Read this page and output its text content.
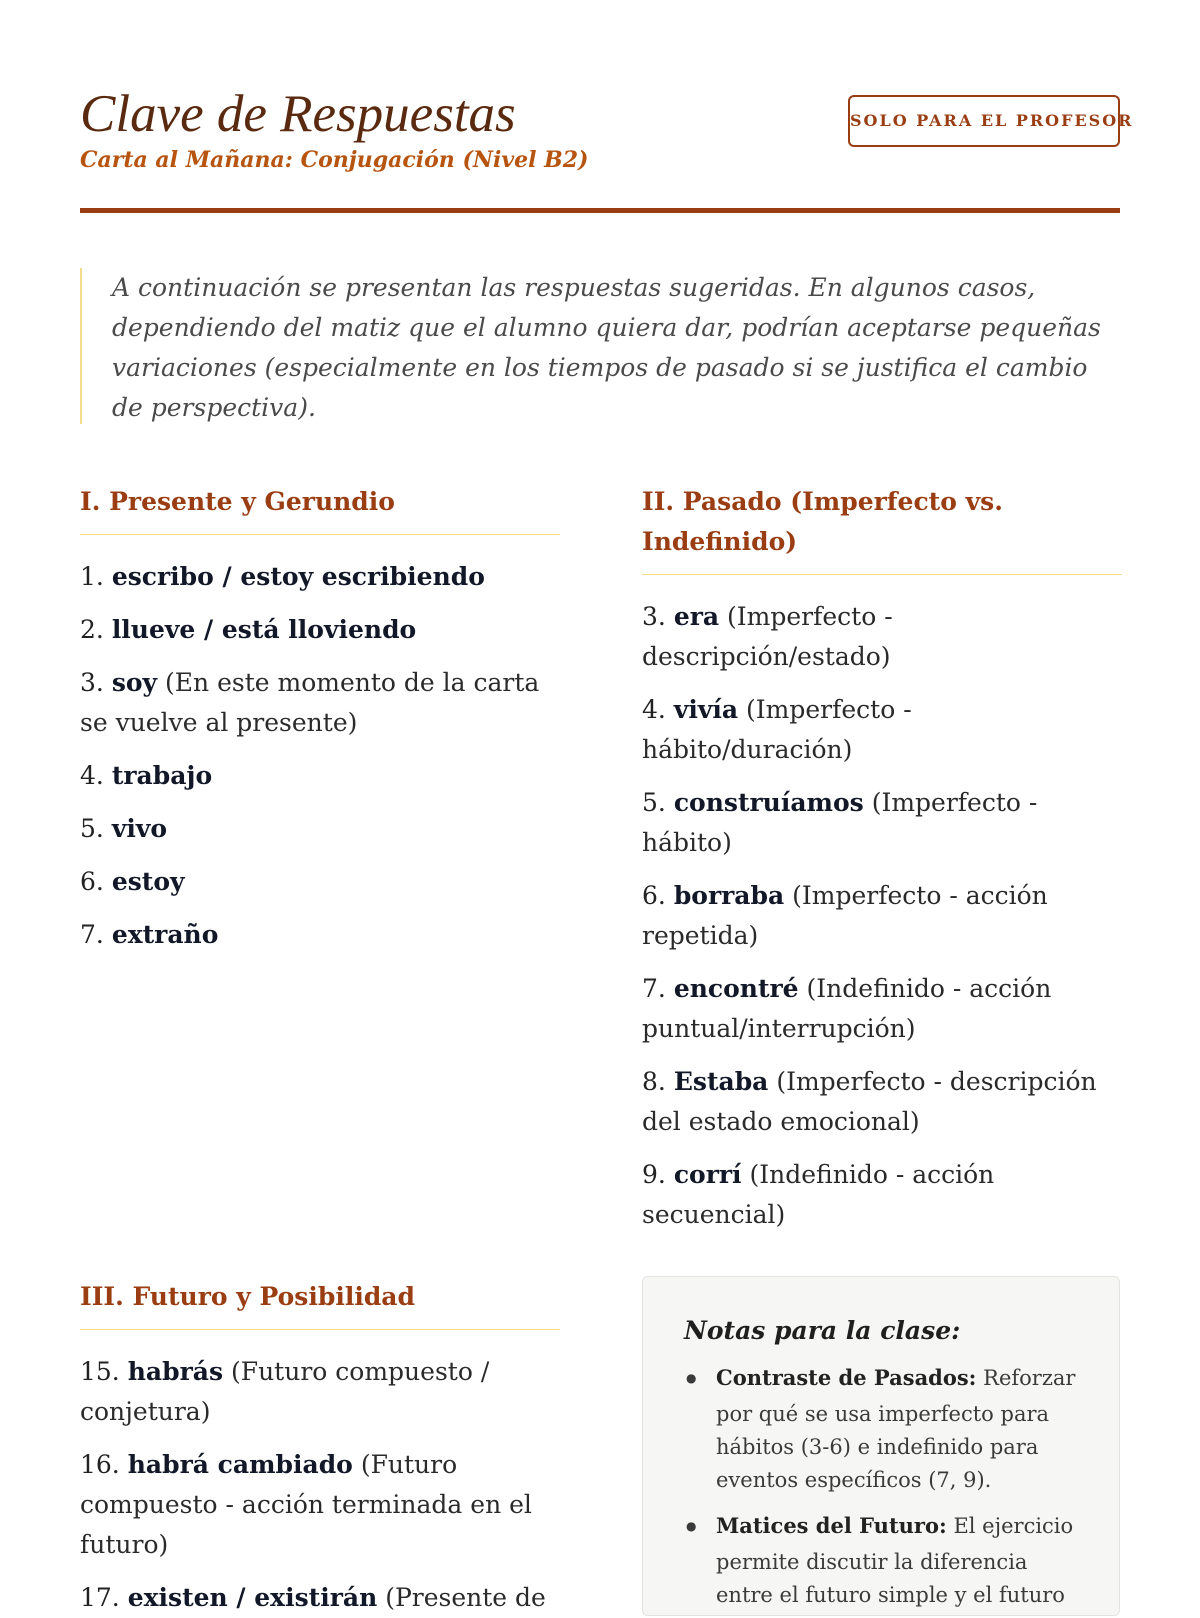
Clave de Respuestas
Carta al Mañana: Conjugación (Nivel B2)
SOLO PARA EL PROFESOR

A continuación se presentan las respuestas sugeridas. En algunos casos, dependiendo del matiz que el alumno quiera dar, podrían aceptarse pequeñas variaciones (especialmente en los tiempos de pasado si se justifica el cambio de perspectiva).

I. Presente y Gerundio
1. escribo / estoy escribiendo
2. llueve / está lloviendo
3. soy (En este momento de la carta se vuelve al presente)
4. trabajo
5. vivo
6. estoy
7. extraño
II. Pasado (Imperfecto vs. Indefinido)
3. era (Imperfecto - descripción/estado)
4. vivía (Imperfecto - hábito/duración)
5. construíamos (Imperfecto - hábito)
6. borraba (Imperfecto - acción repetida)
7. encontré (Indefinido - acción puntual/interrupción)
8. Estaba (Imperfecto - descripción del estado emocional)
9. corrí (Indefinido - acción secuencial)
III. Futuro y Posibilidad
15. habrás (Futuro compuesto / conjetura)
16. habrá cambiado (Futuro compuesto - acción terminada en el futuro)
17. existen / existirán (Presente de
Notas para la clase:
●Contraste de Pasados: Reforzar por qué se usa imperfecto para hábitos (3-6) e indefinido para eventos específicos (7, 9).
●Matices del Futuro: El ejercicio permite discutir la diferencia entre el futuro simple y el futuro
